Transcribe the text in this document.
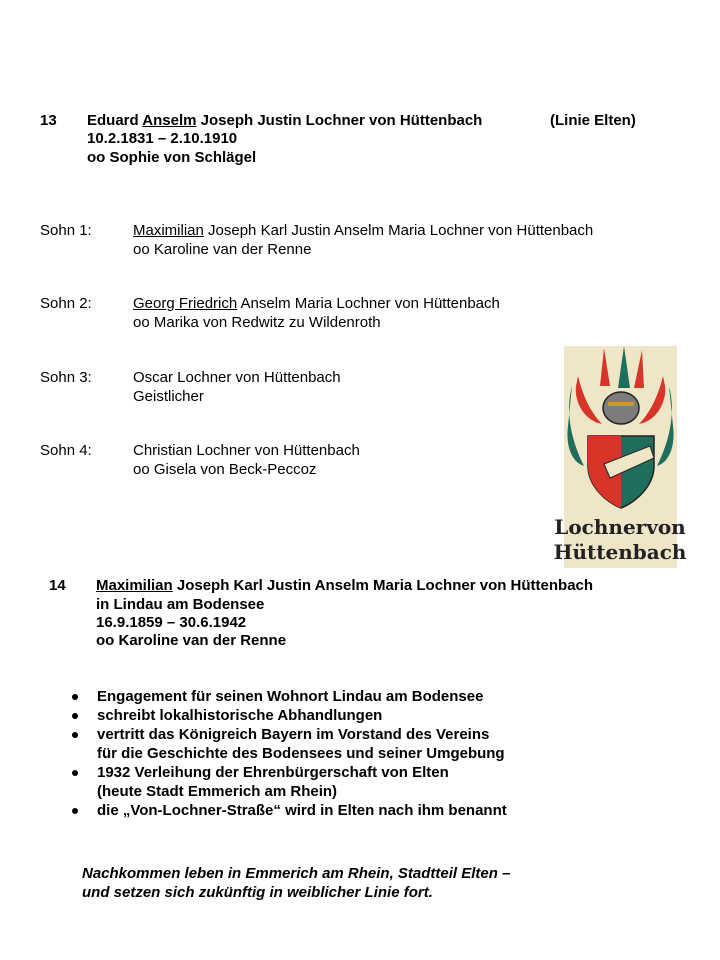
13 Eduard Anselm Joseph Justin Lochner von Hüttenbach	(Linie Elten)
10.2.1831 – 2.10.1910
oo Sophie von Schlägel
Sohn 1:	Maximilian Joseph Karl Justin Anselm Maria Lochner von Hüttenbach
oo Karoline van der Renne
Sohn 2:	Georg Friedrich Anselm Maria Lochner von Hüttenbach
oo Marika von Redwitz zu Wildenroth
Sohn 3:	Oscar Lochner von Hüttenbach
Geistlicher
Sohn 4:	Christian Lochner von Hüttenbach
oo Gisela von Beck-Peccoz
Lochnervon
Hüttenbach
14 Maximilian Joseph Karl Justin Anselm Maria Lochner von Hüttenbach
in Lindau am Bodensee
16.9.1859 – 30.6.1942
oo Karoline van der Renne
Engagement für seinen Wohnort Lindau am Bodensee
schreibt lokalhistorische Abhandlungen
vertritt das Königreich Bayern im Vorstand des Vereins
für die Geschichte des Bodensees und seiner Umgebung
1932 Verleihung der Ehrenbürgerschaft von Elten
(heute Stadt Emmerich am Rhein)
die „Von-Lochner-Straße“ wird in Elten nach ihm benannt
Nachkommen leben in Emmerich am Rhein, Stadtteil Elten –
und setzen sich zukünftig in weiblicher Linie fort.
